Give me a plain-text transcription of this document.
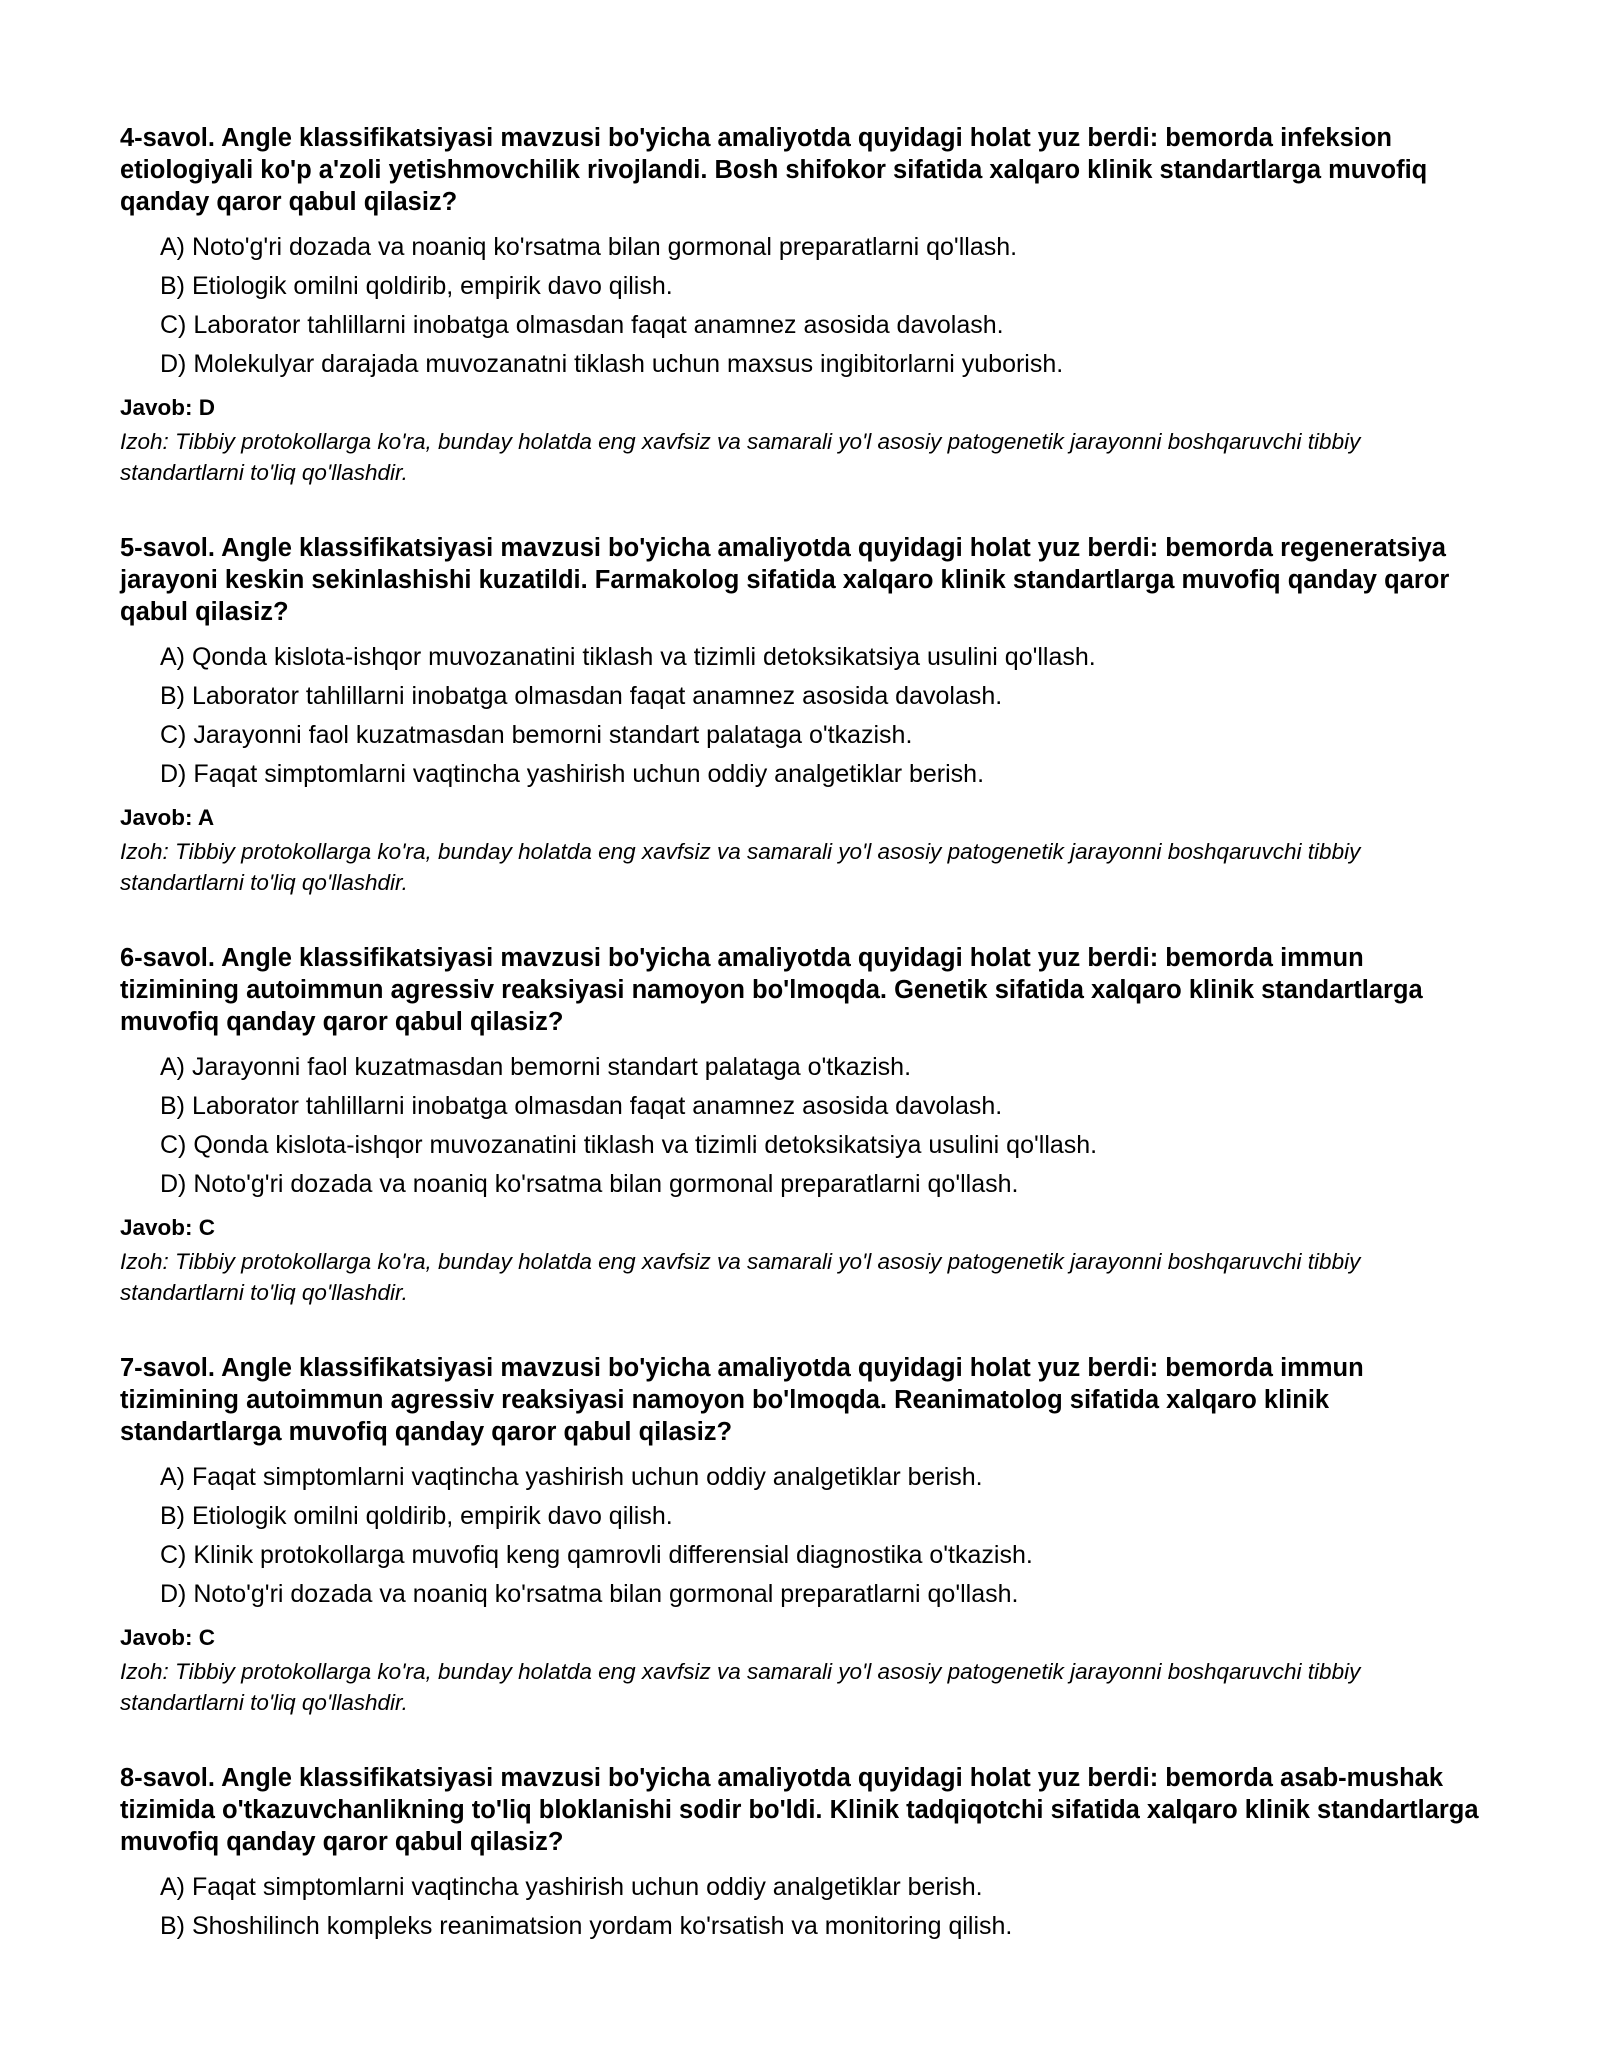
4-savol. Angle klassifikatsiyasi mavzusi bo'yicha amaliyotda quyidagi holat yuz berdi: bemorda infeksion etiologiyali ko'p a'zoli yetishmovchilik rivojlandi. Bosh shifokor sifatida xalqaro klinik standartlarga muvofiq qanday qaror qabul qilasiz?
A) Noto'g'ri dozada va noaniq ko'rsatma bilan gormonal preparatlarni qo'llash.
B) Etiologik omilni qoldirib, empirik davo qilish.
C) Laborator tahlillarni inobatga olmasdan faqat anamnez asosida davolash.
D) Molekulyar darajada muvozanatni tiklash uchun maxsus ingibitorlarni yuborish.
Javob: D
Izoh: Tibbiy protokollarga ko'ra, bunday holatda eng xavfsiz va samarali yo'l asosiy patogenetik jarayonni boshqaruvchi tibbiy standartlarni to'liq qo'llashdir.
5-savol. Angle klassifikatsiyasi mavzusi bo'yicha amaliyotda quyidagi holat yuz berdi: bemorda regeneratsiya jarayoni keskin sekinlashishi kuzatildi. Farmakolog sifatida xalqaro klinik standartlarga muvofiq qanday qaror qabul qilasiz?
A) Qonda kislota-ishqor muvozanatini tiklash va tizimli detoksikatsiya usulini qo'llash.
B) Laborator tahlillarni inobatga olmasdan faqat anamnez asosida davolash.
C) Jarayonni faol kuzatmasdan bemorni standart palataga o'tkazish.
D) Faqat simptomlarni vaqtincha yashirish uchun oddiy analgetiklar berish.
Javob: A
Izoh: Tibbiy protokollarga ko'ra, bunday holatda eng xavfsiz va samarali yo'l asosiy patogenetik jarayonni boshqaruvchi tibbiy standartlarni to'liq qo'llashdir.
6-savol. Angle klassifikatsiyasi mavzusi bo'yicha amaliyotda quyidagi holat yuz berdi: bemorda immun tizimining autoimmun agressiv reaksiyasi namoyon bo'lmoqda. Genetik sifatida xalqaro klinik standartlarga muvofiq qanday qaror qabul qilasiz?
A) Jarayonni faol kuzatmasdan bemorni standart palataga o'tkazish.
B) Laborator tahlillarni inobatga olmasdan faqat anamnez asosida davolash.
C) Qonda kislota-ishqor muvozanatini tiklash va tizimli detoksikatsiya usulini qo'llash.
D) Noto'g'ri dozada va noaniq ko'rsatma bilan gormonal preparatlarni qo'llash.
Javob: C
Izoh: Tibbiy protokollarga ko'ra, bunday holatda eng xavfsiz va samarali yo'l asosiy patogenetik jarayonni boshqaruvchi tibbiy standartlarni to'liq qo'llashdir.
7-savol. Angle klassifikatsiyasi mavzusi bo'yicha amaliyotda quyidagi holat yuz berdi: bemorda immun tizimining autoimmun agressiv reaksiyasi namoyon bo'lmoqda. Reanimatolog sifatida xalqaro klinik standartlarga muvofiq qanday qaror qabul qilasiz?
A) Faqat simptomlarni vaqtincha yashirish uchun oddiy analgetiklar berish.
B) Etiologik omilni qoldirib, empirik davo qilish.
C) Klinik protokollarga muvofiq keng qamrovli differensial diagnostika o'tkazish.
D) Noto'g'ri dozada va noaniq ko'rsatma bilan gormonal preparatlarni qo'llash.
Javob: C
Izoh: Tibbiy protokollarga ko'ra, bunday holatda eng xavfsiz va samarali yo'l asosiy patogenetik jarayonni boshqaruvchi tibbiy standartlarni to'liq qo'llashdir.
8-savol. Angle klassifikatsiyasi mavzusi bo'yicha amaliyotda quyidagi holat yuz berdi: bemorda asab-mushak tizimida o'tkazuvchanlikning to'liq bloklanishi sodir bo'ldi. Klinik tadqiqotchi sifatida xalqaro klinik standartlarga muvofiq qanday qaror qabul qilasiz?
A) Faqat simptomlarni vaqtincha yashirish uchun oddiy analgetiklar berish.
B) Shoshilinch kompleks reanimatsion yordam ko'rsatish va monitoring qilish.
